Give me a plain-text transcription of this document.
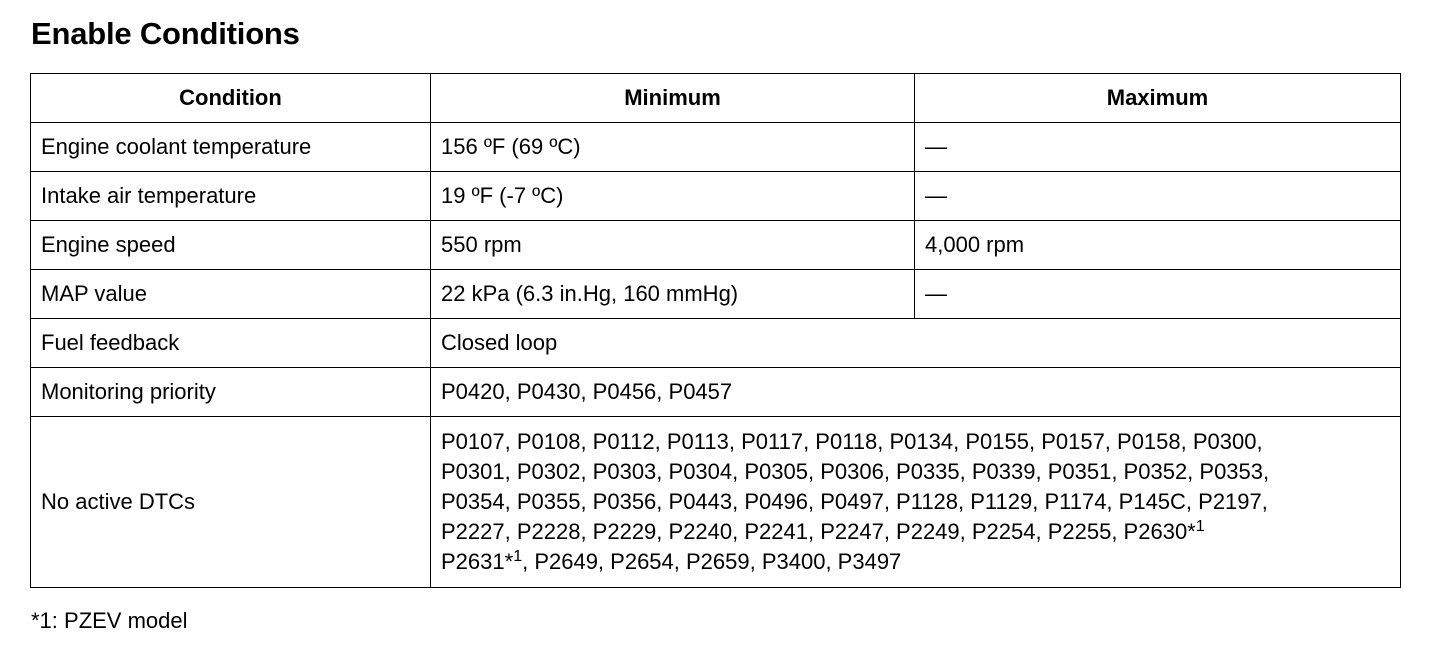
Enable Conditions
Condition	Minimum	Maximum
Engine coolant temperature	156 ºF (69 ºC)	—
Intake air temperature	19 ºF (-7 ºC)	—
Engine speed	550 rpm	4,000 rpm
MAP value	22 kPa (6.3 in.Hg, 160 mmHg)	—
Fuel feedback	Closed loop	
Monitoring priority	P0420, P0430, P0456, P0457	
No active DTCs	P0107, P0108, P0112, P0113, P0117, P0118, P0134, P0155, P0157, P0158, P0300,
P0301, P0302, P0303, P0304, P0305, P0306, P0335, P0339, P0351, P0352, P0353,
P0354, P0355, P0356, P0443, P0496, P0497, P1128, P1129, P1174, P145C, P2197,
P2227, P2228, P2229, P2240, P2241, P2247, P2249, P2254, P2255, P2630*$^1$
P2631*$^1$, P2649, P2654, P2659, P3400, P3497	

*1: PZEV model
